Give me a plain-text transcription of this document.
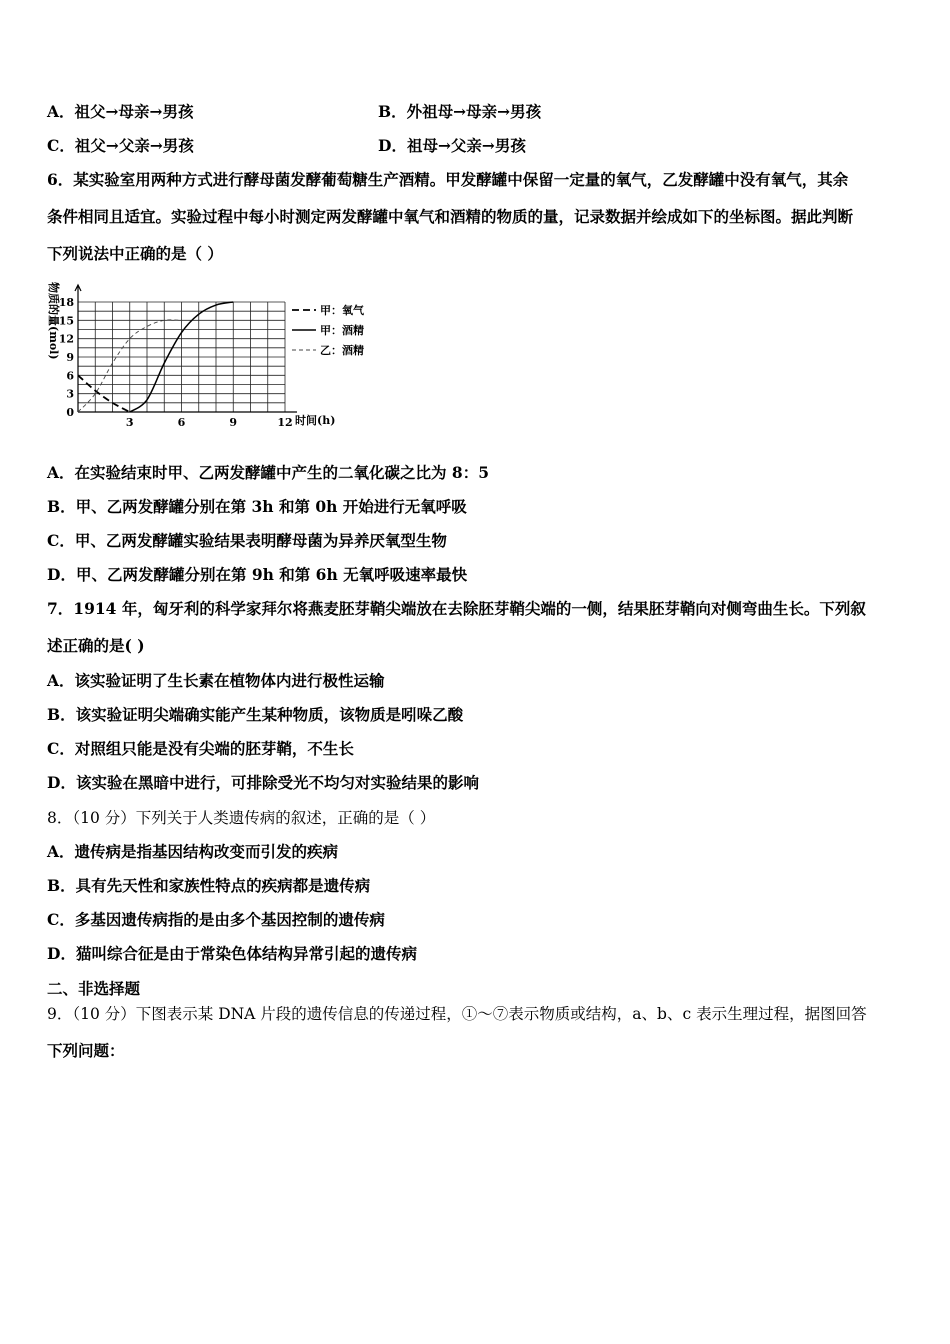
A．祖父→母亲→男孩	B．外祖母→母亲→男孩
C．祖父→父亲→男孩	D．祖母→父亲→男孩
6．某实验室用两种方式进行酵母菌发酵葡萄糖生产酒精。甲发酵罐中保留一定量的氧气，乙发酵罐中没有氧气，其余
条件相同且适宜。实验过程中每小时测定两发酵罐中氧气和酒精的物质的量，记录数据并绘成如下的坐标图。据此判断
下列说法中正确的是（ ）
0
3
6
9
12
15
18
3	6	9	12
甲：氧气
甲：酒精
乙：酒精
物质的量(mol)
时间(h)
A．在实验结束时甲、乙两发酵罐中产生的二氧化碳之比为 8：5
B．甲、乙两发酵罐分别在第 3h 和第 0h 开始进行无氧呼吸
C．甲、乙两发酵罐实验结果表明酵母菌为异养厌氧型生物
D．甲、乙两发酵罐分别在第 9h 和第 6h 无氧呼吸速率最快
7．1914 年，匈牙利的科学家拜尔将燕麦胚芽鞘尖端放在去除胚芽鞘尖端的一侧，结果胚芽鞘向对侧弯曲生长。下列叙
述正确的是( )
A．该实验证明了生长素在植物体内进行极性运输
B．该实验证明尖端确实能产生某种物质，该物质是吲哚乙酸
C．对照组只能是没有尖端的胚芽鞘，不生长
D．该实验在黑暗中进行，可排除受光不均匀对实验结果的影响
8．（10 分）下列关于人类遗传病的叙述，正确的是（ ）
A．遗传病是指基因结构改变而引发的疾病
B．具有先天性和家族性特点的疾病都是遗传病
C．多基因遗传病指的是由多个基因控制的遗传病
D．猫叫综合征是由于常染色体结构异常引起的遗传病
二、非选择题
9．（10 分）下图表示某 DNA 片段的遗传信息的传递过程，①～⑦表示物质或结构，a、b、c 表示生理过程，据图回答
下列问题：
